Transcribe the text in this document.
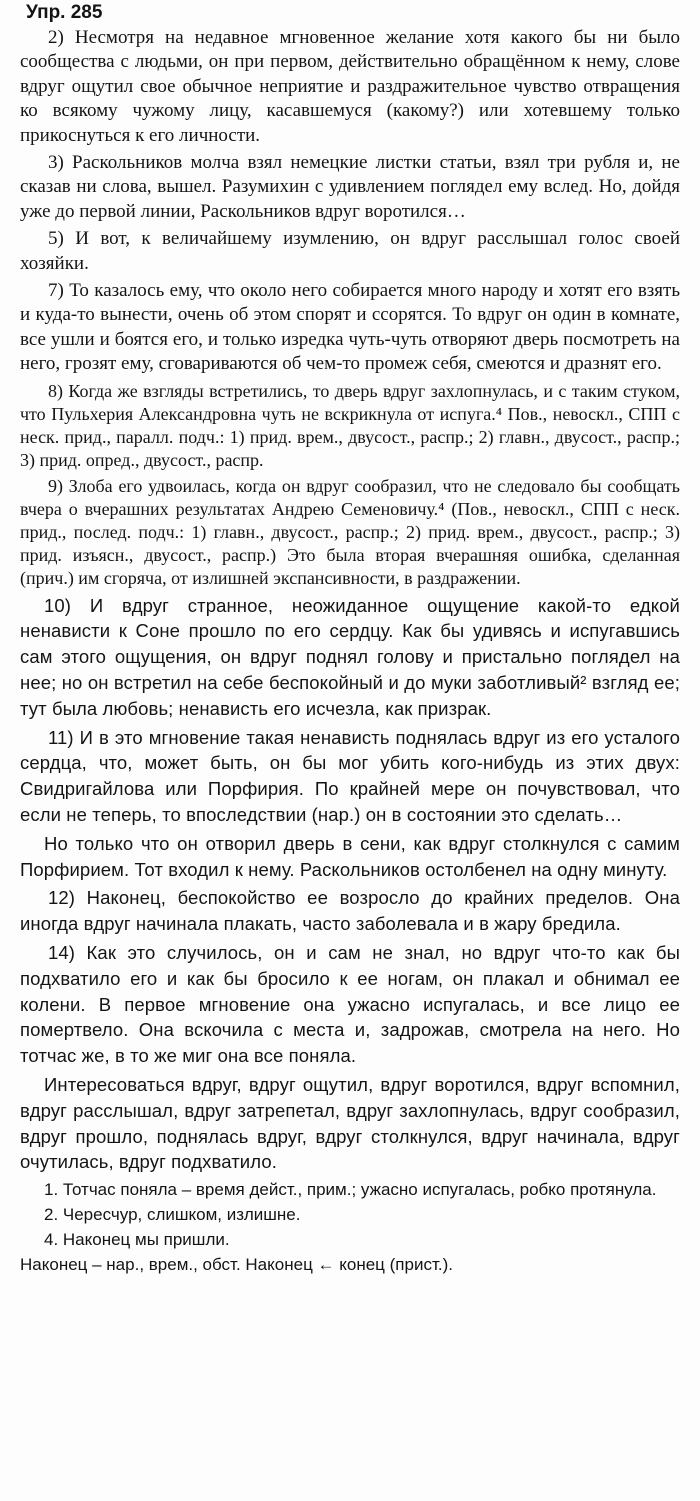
Упр. 285

2) Несмотря на недавное мгновенное желание хотя какого бы ни было сообщества с людьми, он при первом, действительно обращённом к нему, слове вдруг ощутил свое обычное неприятие и раздражительное чувство отвращения ко всякому чужому лицу, касавшемуся (какому?) или хотевшему только прикоснуться к его личности.

3) Раскольников молча взял немецкие листки статьи, взял три рубля и, не сказав ни слова, вышел. Разумихин с удивлением поглядел ему вслед. Но, дойдя уже до первой линии, Раскольников вдруг воротился…

5) И вот, к величайшему изумлению, он вдруг расслышал голос своей хозяйки.

7) То казалось ему, что около него собирается много народу и хотят его взять и куда-то вынести, очень об этом спорят и ссорятся. То вдруг он один в комнате, все ушли и боятся его, и только изредка чуть-чуть отворяют дверь посмотреть на него, грозят ему, сговариваются об чем-то промеж себя, смеются и дразнят его.

8) Когда же взгляды встретились, то дверь вдруг захлопнулась, и с таким стуком, что Пульхерия Александровна чуть не вскрикнула от испуга.⁴ Пов., невоскл., СПП с неск. прид., паралл. подч.: 1) прид. врем., двусост., распр.; 2) главн., двусост., распр.; 3) прид. опред., двусост., распр.

9) Злоба его удвоилась, когда он вдруг сообразил, что не следовало бы сообщать вчера о вчерашних результатах Андрею Семеновичу.⁴ (Пов., невоскл., СПП с неск. прид., послед. подч.: 1) главн., двусост., распр.; 2) прид. врем., двусост., распр.; 3) прид. изъясн., двусост., распр.) Это была вторая вчерашняя ошибка, сделанная (прич.) им сгоряча, от излишней экспансивности, в раздражении.

10) И вдруг странное, неожиданное ощущение какой-то едкой ненависти к Соне прошло по его сердцу. Как бы удивясь и испугавшись сам этого ощущения, он вдруг поднял голову и пристально поглядел на нее; но он встретил на себе беспокойный и до муки заботливый² взгляд ее; тут была любовь; ненависть его исчезла, как призрак.

11) И в это мгновение такая ненависть поднялась вдруг из его усталого сердца, что, может быть, он бы мог убить кого-нибудь из этих двух: Свидригайлова или Порфирия. По крайней мере он почувствовал, что если не теперь, то впоследствии (нар.) он в состоянии это сделать…

Но только что он отворил дверь в сени, как вдруг столкнулся с самим Порфирием. Тот входил к нему. Раскольников остолбенел на одну минуту.

12) Наконец, беспокойство ее возросло до крайних пределов. Она иногда вдруг начинала плакать, часто заболевала и в жару бредила.

14) Как это случилось, он и сам не знал, но вдруг что-то как бы подхватило его и как бы бросило к ее ногам, он плакал и обнимал ее колени. В первое мгновение она ужасно испугалась, и все лицо ее помертвело. Она вскочила с места и, задрожав, смотрела на него. Но тотчас же, в то же миг она все поняла.

Интересоваться вдруг, вдруг ощутил, вдруг воротился, вдруг вспомнил, вдруг расслышал, вдруг затрепетал, вдруг захлопнулась, вдруг сообразил, вдруг прошло, поднялась вдруг, вдруг столкнулся, вдруг начинала, вдруг очутилась, вдруг подхватило.

1. Тотчас поняла – время дейст., прим.; ужасно испугалась, робко протянула.

2. Чересчур, слишком, излишне.

4. Наконец мы пришли.

Наконец – нар., врем., обст. Наконец ← конец (прист.).
